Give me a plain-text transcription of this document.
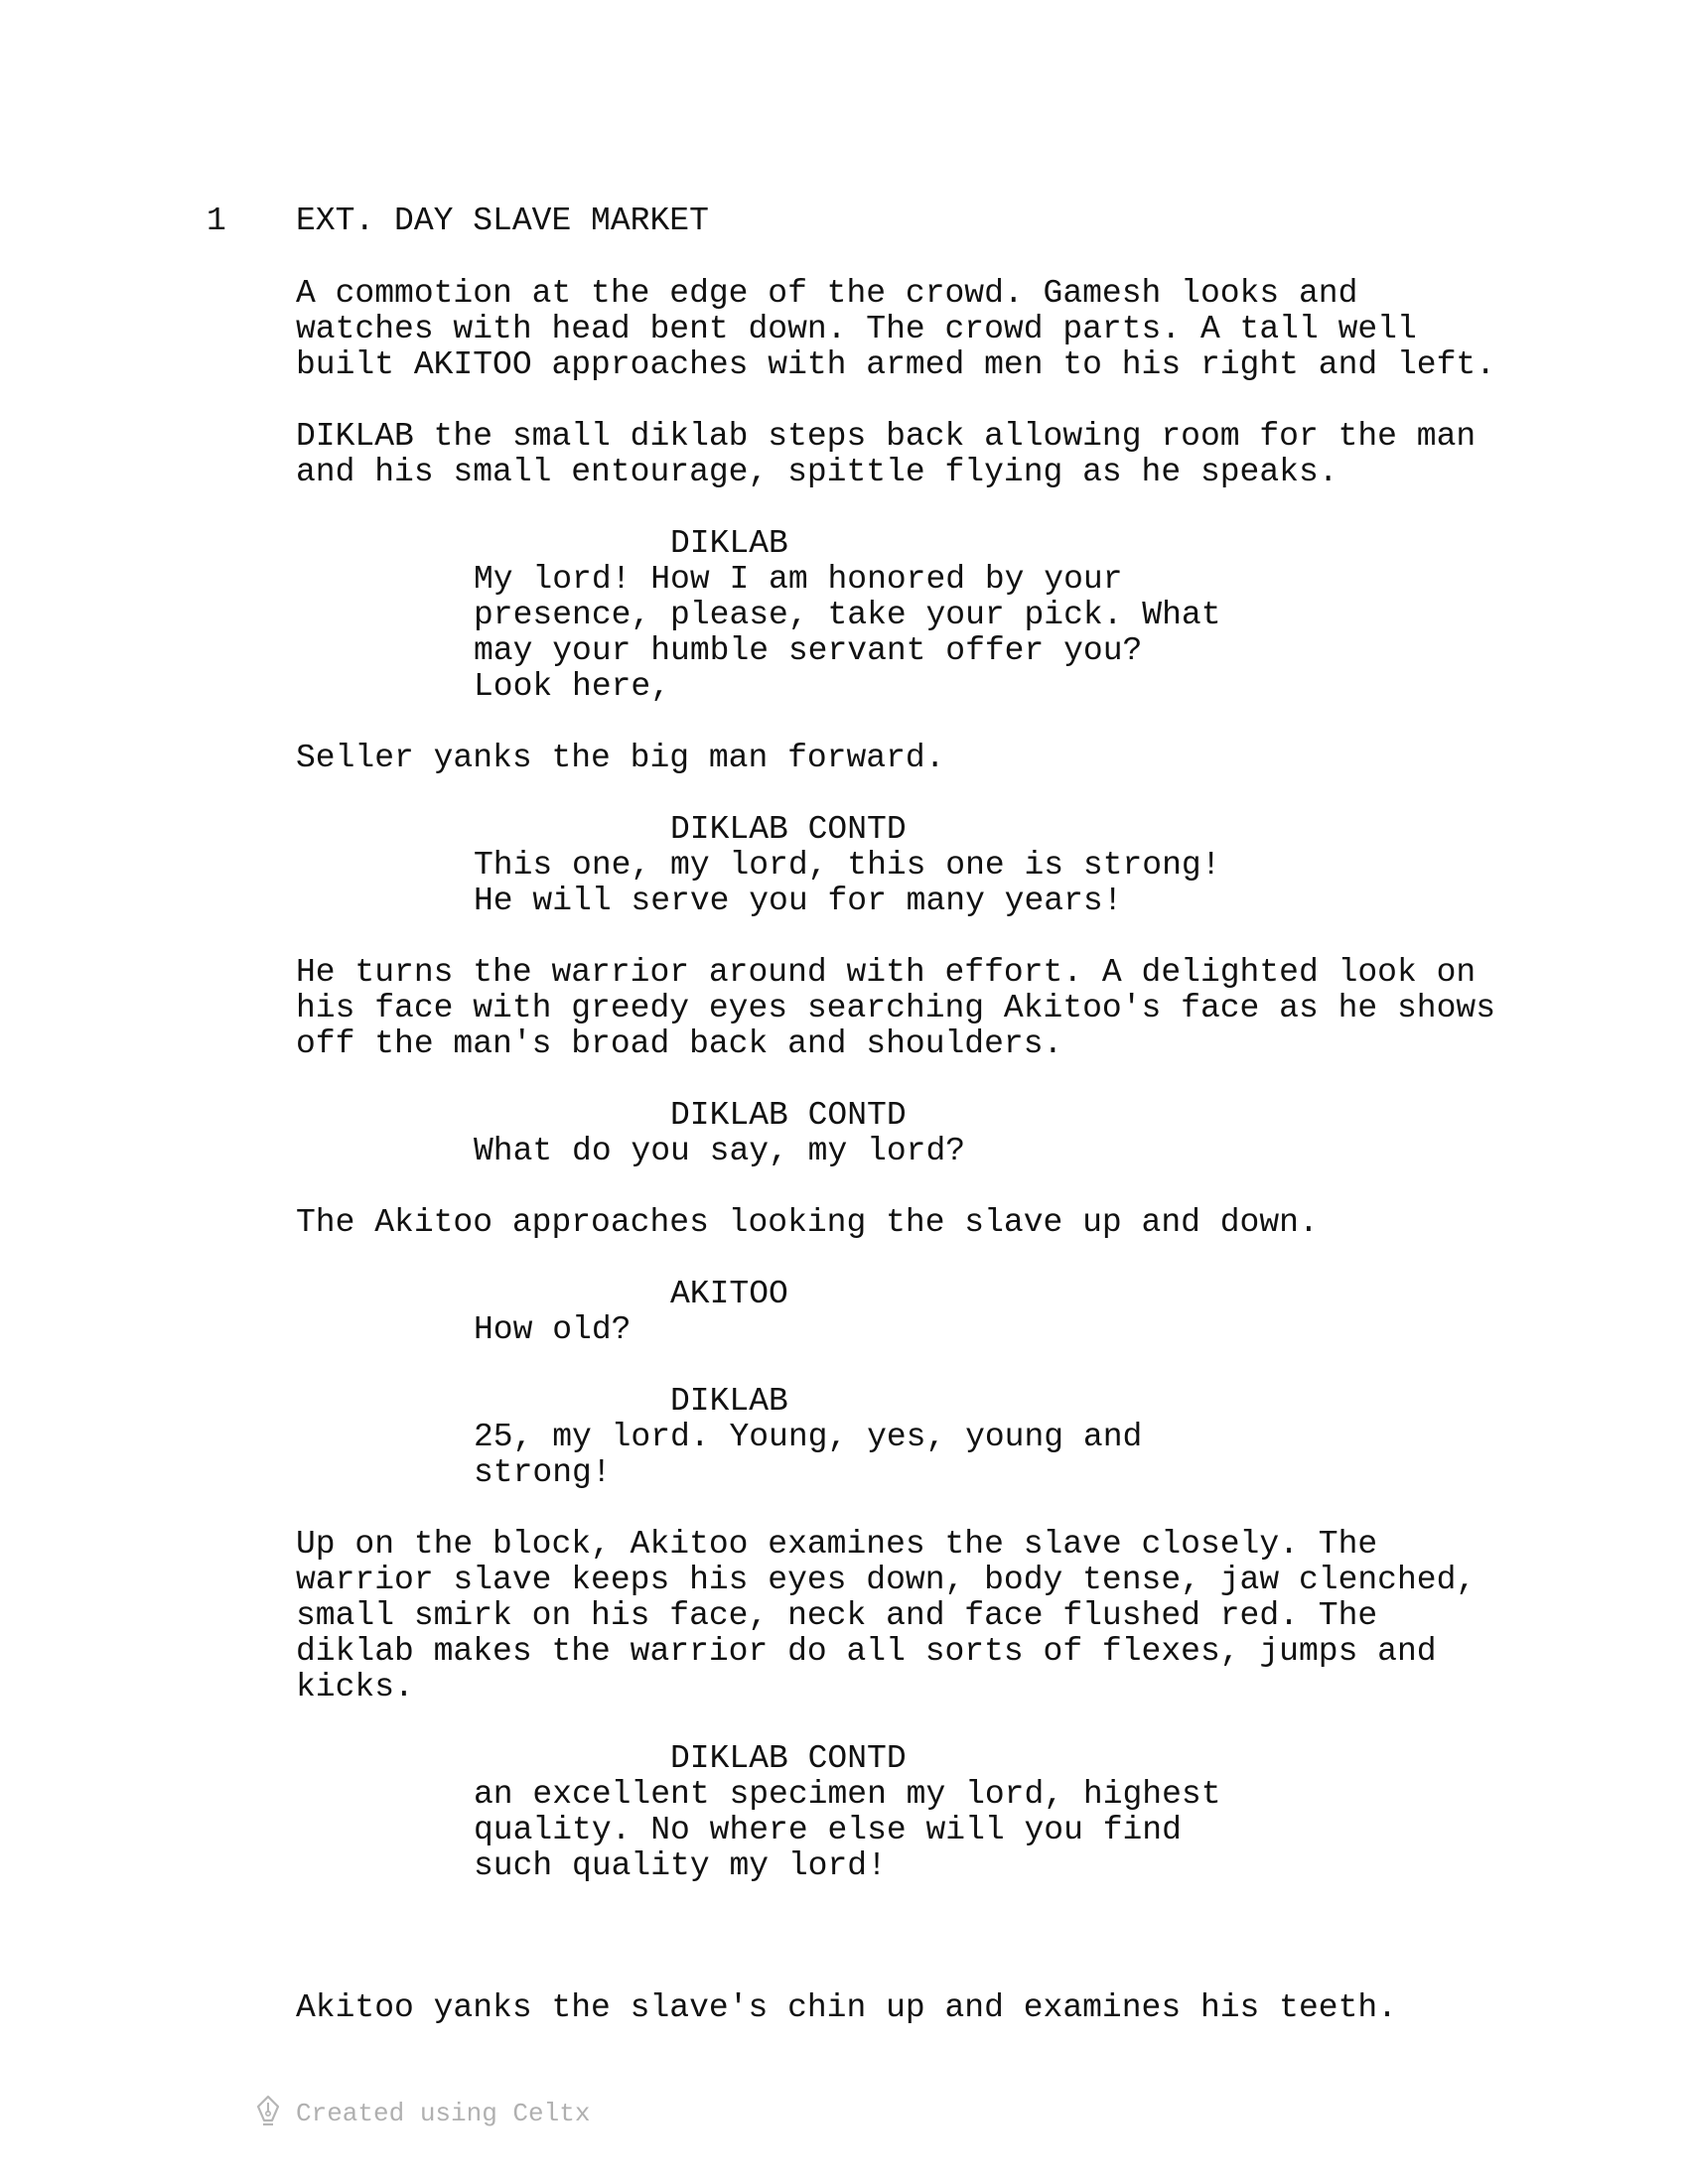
1 EXT. DAY SLAVE MARKET
A commotion at the edge of the crowd. Gamesh looks and
watches with head bent down. The crowd parts. A tall well
built AKITOO approaches with armed men to his right and left.
DIKLAB the small diklab steps back allowing room for the man
and his small entourage, spittle flying as he speaks.
DIKLAB
My lord! How I am honored by your
presence, please, take your pick. What
may your humble servant offer you?
Look here,
Seller yanks the big man forward.
DIKLAB CONTD
This one, my lord, this one is strong!
He will serve you for many years!
He turns the warrior around with effort. A delighted look on
his face with greedy eyes searching Akitoo's face as he shows
off the man's broad back and shoulders.
DIKLAB CONTD
What do you say, my lord?
The Akitoo approaches looking the slave up and down.
AKITOO
How old?
DIKLAB
25, my lord. Young, yes, young and
strong!
Up on the block, Akitoo examines the slave closely. The
warrior slave keeps his eyes down, body tense, jaw clenched,
small smirk on his face, neck and face flushed red. The
diklab makes the warrior do all sorts of flexes, jumps and
kicks.
DIKLAB CONTD
an excellent specimen my lord, highest
quality. No where else will you find
such quality my lord!
Akitoo yanks the slave's chin up and examines his teeth.
Created using Celtx
